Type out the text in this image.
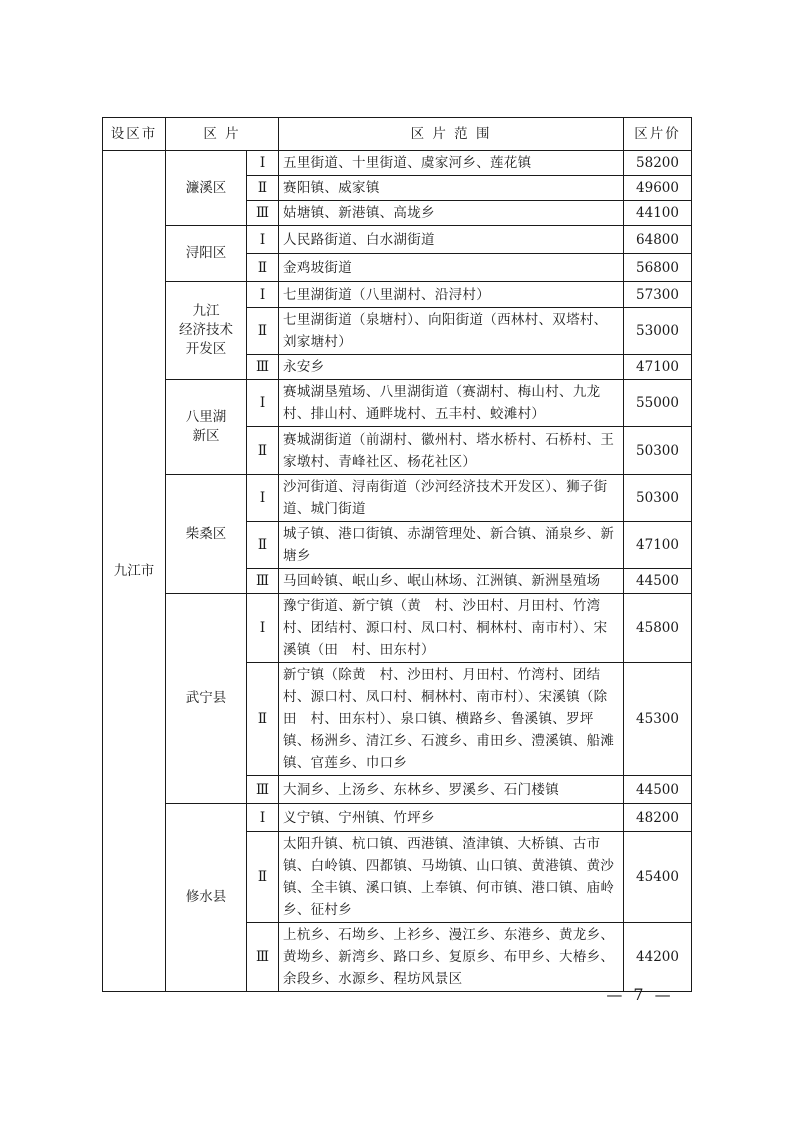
设区市	区 片		区 片 范 围	区片价
九江市	濂溪区	Ⅰ	五里街道、十里街道、虞家河乡、莲花镇	58200
		Ⅱ	赛阳镇、威家镇	49600
		Ⅲ	姑塘镇、新港镇、高垅乡	44100
	浔阳区	Ⅰ	人民路街道、白水湖街道	64800
		Ⅱ	金鸡坡街道	56800
	九江
经济技术
开发区	Ⅰ	七里湖街道（八里湖村、沿浔村）	57300
		Ⅱ	七里湖街道（泉塘村）、向阳街道（西林村、双塔村、刘家塘村）	53000
		Ⅲ	永安乡	47100
	八里湖
新区	Ⅰ	赛城湖垦殖场、八里湖街道（赛湖村、梅山村、九龙村、排山村、通畔垅村、五丰村、蛟滩村）	55000
		Ⅱ	赛城湖街道（前湖村、徽州村、塔水桥村、石桥村、王家墩村、青峰社区、杨花社区）	50300
	柴桑区	Ⅰ	沙河街道、浔南街道（沙河经济技术开发区）、狮子街道、城门街道	50300
		Ⅱ	城子镇、港口街镇、赤湖管理处、新合镇、涌泉乡、新塘乡	47100
		Ⅲ	马回岭镇、岷山乡、岷山林场、江洲镇、新洲垦殖场	44500
	武宁县	Ⅰ	豫宁街道、新宁镇（黄　村、沙田村、月田村、竹湾村、团结村、源口村、凤口村、桐林村、南市村）、宋溪镇（田　村、田东村）	45800
		Ⅱ	新宁镇（除黄　村、沙田村、月田村、竹湾村、团结村、源口村、凤口村、桐林村、南市村）、宋溪镇（除田　村、田东村）、泉口镇、横路乡、鲁溪镇、罗坪镇、杨洲乡、清江乡、石渡乡、甫田乡、澧溪镇、船滩镇、官莲乡、巾口乡	45300
		Ⅲ	大洞乡、上汤乡、东林乡、罗溪乡、石门楼镇	44500
	修水县	Ⅰ	义宁镇、宁州镇、竹坪乡	48200
		Ⅱ	太阳升镇、杭口镇、西港镇、渣津镇、大桥镇、古市镇、白岭镇、四都镇、马坳镇、山口镇、黄港镇、黄沙镇、全丰镇、溪口镇、上奉镇、何市镇、港口镇、庙岭乡、征村乡	45400
		Ⅲ	上杭乡、石坳乡、上衫乡、漫江乡、东港乡、黄龙乡、黄坳乡、新湾乡、路口乡、复原乡、布甲乡、大椿乡、余段乡、水源乡、程坊风景区	44200
— 7 —
